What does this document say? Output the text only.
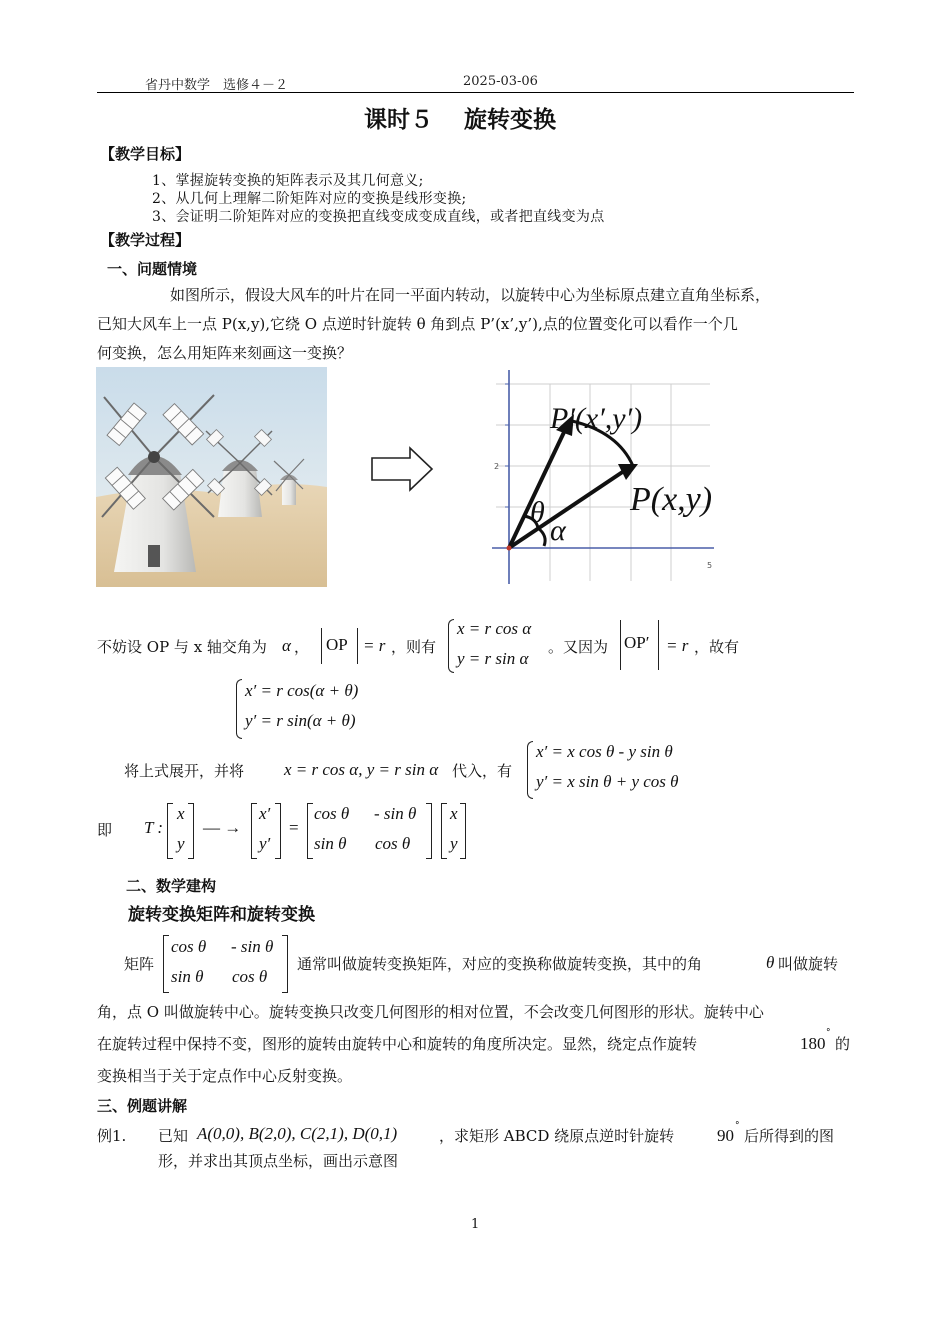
省丹中数学　选修４－２	2025-03-06
课时５　 旋转变换
【教学目标】
1、掌握旋转变换的矩阵表示及其几何意义;
2、从几何上理解二阶矩阵对应的变换是线形变换;
3、会证明二阶矩阵对应的变换把直线变成变成直线，或者把直线变为点
【教学过程】
一、问题情境
如图所示，假设大风车的叶片在同一平面内转动，以旋转中心为坐标原点建立直角坐标系，
已知大风车上一点 P(x,y),它绕 O 点逆时针旋转 θ 角到点 P’(x’,y’),点的位置变化可以看作一个几
何变换，怎么用矩阵来刻画这一变换？
2
5
P′(x′,y′)
P(x,y)
θ
α
不妨设 OP 与 x 轴交角为 α ， OP = r ，则有
x = r cos α
y = r sin α
。又因为 OP′ = r ，故有
x′ = r cos(α + θ)
y′ = r sin(α + θ)
将上式展开，并将 x = r cos α, y = r sin α 代入，有
x′ = x cos θ - y sin θ
y′ = x sin θ + y cos θ
即 T :
x
y
— →
x′
y′
=
cos θ - sin θ
sin θ cos θ
x
y
二、数学建构
旋转变换矩阵和旋转变换
矩阵
cos θ - sin θ
sin θ cos θ
通常叫做旋转变换矩阵，对应的变换称做旋转变换，其中的角	θ 叫做旋转
角，点 O 叫做旋转中心。旋转变换只改变几何图形的相对位置，不会改变几何图形的形状。旋转中心
在旋转过程中保持不变，图形的旋转由旋转中心和旋转的角度所决定。显然，绕定点作旋转	180
°
的
变换相当于关于定点作中心反射变换。
三、例题讲解
例1. 已知 A(0,0), B(2,0), C(2,1), D(0,1)	，求矩形 ABCD 绕原点逆时针旋转	90 °
后所得到的图
形，并求出其顶点坐标，画出示意图
1
